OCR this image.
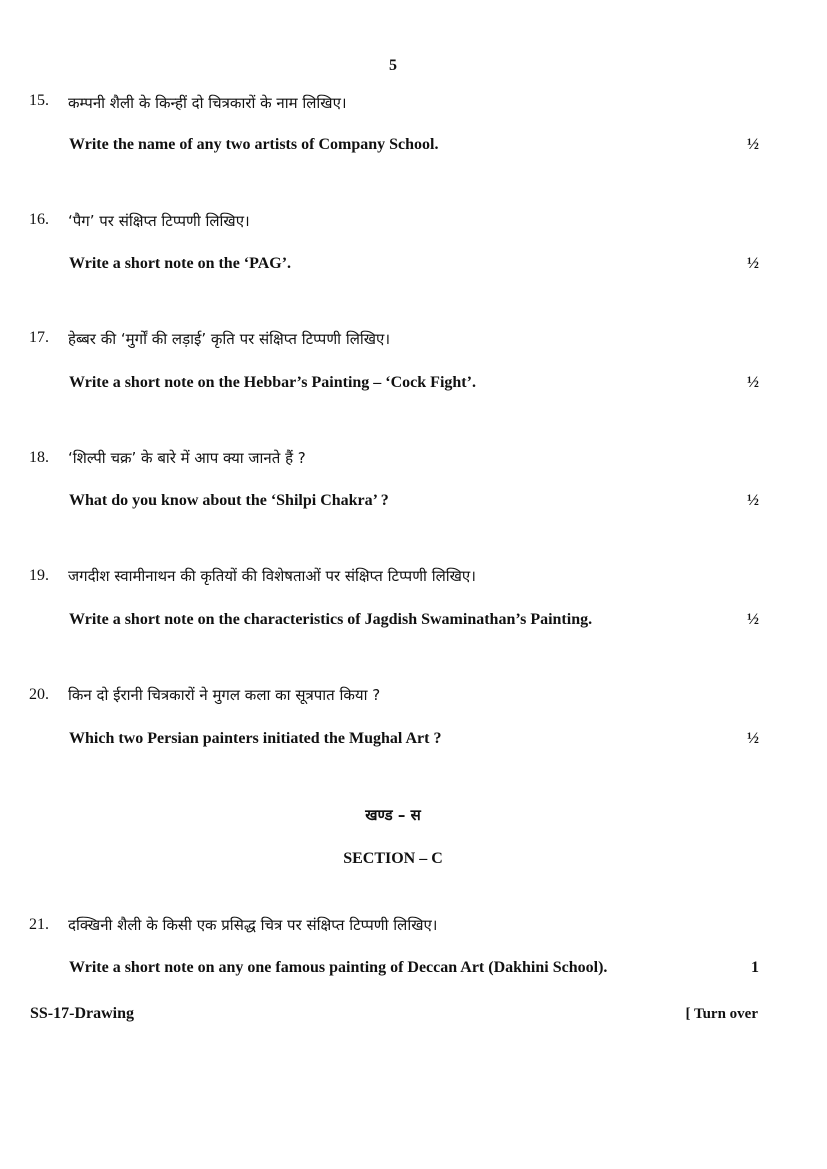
5
15. कम्पनी शैली के किन्हीं दो चित्रकारों के नाम लिखिए।
Write the name of any two artists of Company School.	½
16. ‘पैग’ पर संक्षिप्त टिप्पणी लिखिए।
Write a short note on the ‘PAG’.	½
17. हेब्बर की ‘मुर्गों की लड़ाई’ कृति पर संक्षिप्त टिप्पणी लिखिए।
Write a short note on the Hebbar’s Painting – ‘Cock Fight’.	½
18. ‘शिल्पी चक्र’ के बारे में आप क्या जानते हैं ?
What do you know about the ‘Shilpi Chakra’ ?	½
19. जगदीश स्वामीनाथन की कृतियों की विशेषताओं पर संक्षिप्त टिप्पणी लिखिए।
Write a short note on the characteristics of Jagdish Swaminathan’s Painting.	½
20. किन दो ईरानी चित्रकारों ने मुगल कला का सूत्रपात किया ?
Which two Persian painters initiated the Mughal Art ?	½
खण्ड – स
SECTION – C
21. दक्खिनी शैली के किसी एक प्रसिद्ध चित्र पर संक्षिप्त टिप्पणी लिखिए।
Write a short note on any one famous painting of Deccan Art (Dakhini School).	1
SS-17-Drawing	[ Turn over
